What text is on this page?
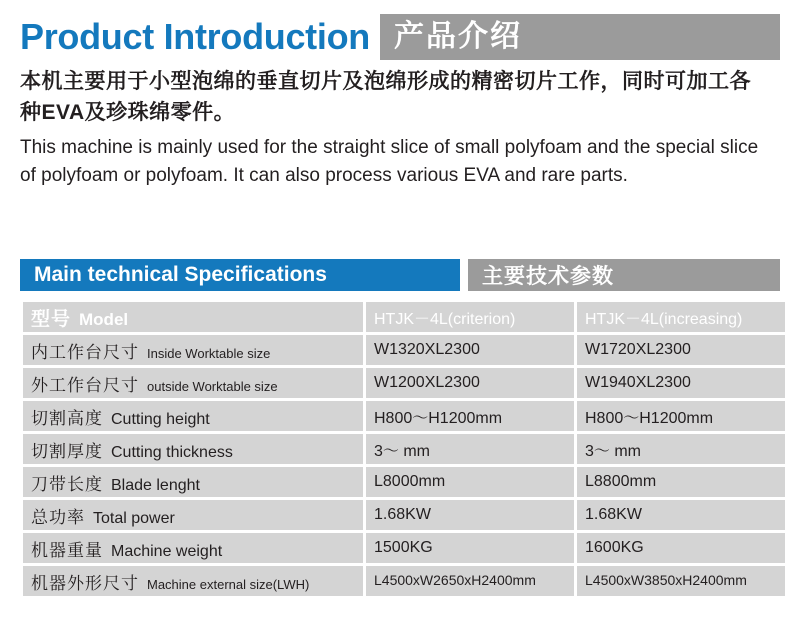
Product Introduction 产品介绍
本机主要用于小型泡绵的垂直切片及泡绵形成的精密切片工作，同时可加工各种EVA及珍珠绵零件。
This machine is mainly used for the straight slice of small polyfoam and the special slice of polyfoam or polyfoam. It can also process various EVA and rare parts.
Main technical Specifications	主要技术参数
型号 Model	HTJK－4L(criterion)	HTJK－4L(increasing)

内工作台尺寸 Inside Worktable size	W1320XL2300	W1720XL2300

外工作台尺寸 outside Worktable size	W1200XL2300	W1940XL2300

切割高度 Cutting height	H800～H1200mm	H800～H1200mm

切割厚度 Cutting thickness	3～ mm	3～ mm

刀带长度 Blade lenght	L8000mm	L8800mm

总功率 Total power	1.68KW	1.68KW

机器重量 Machine weight	1500KG	1600KG

机器外形尺寸 Machine external size(LWH)	L4500xW2650xH2400mm	L4500xW3850xH2400mm
